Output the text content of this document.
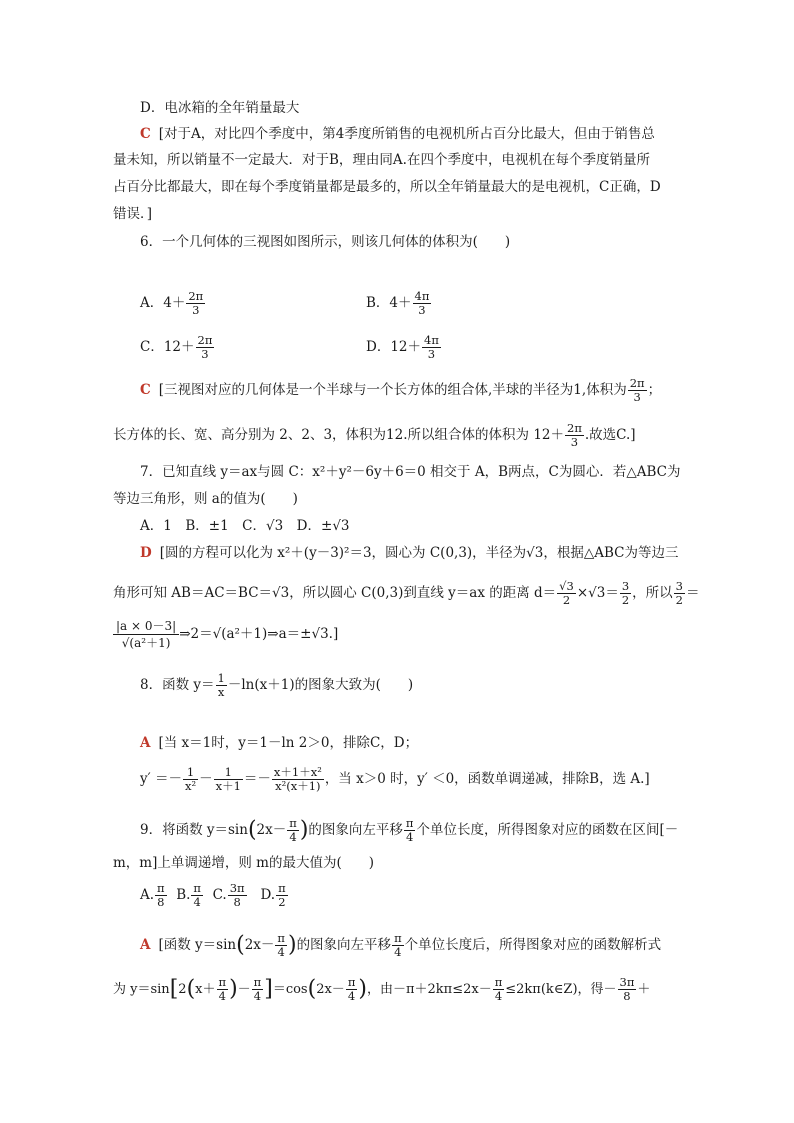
D．电冰箱的全年销量最大
C [对于A，对比四个季度中，第4季度所销售的电视机所占百分比最大，但由于销售总
量未知，所以销量不一定最大．对于B，理由同A.在四个季度中，电视机在每个季度销量所
占百分比都最大，即在每个季度销量都是最多的，所以全年销量最大的是电视机，C正确，D
错误．]
6．一个几何体的三视图如图所示，则该几何体的体积为(　　)
A．$4+ \frac{2\pi}{3}$	B．$4+ \frac{4\pi}{3}$
C．$12+ \frac{2\pi}{3}$	D．$12+ \frac{4\pi}{3}$
C [三视图对应的几何体是一个半球与一个长方体的组合体,半球的半径为1,体积为 $\frac{2\pi}{3}$ ；
长方体的长、宽、高分别为 2、2、3，体积为12.所以组合体的体积为 $12+ \frac{2\pi}{3}$ .故选C.]
7．已知直线 y＝ax与圆 C：x²＋y²－6y＋6＝0 相交于 A，B两点，C为圆心．若△ABC为
等边三角形，则 a的值为(　　)
A．1　B．±1　C．√3　D．±√3
D [圆的方程可以化为 x²＋(y－3)²＝3，圆心为 C(0,3)，半径为√3，根据△ABC为等边三
角形可知 AB＝AC＝BC＝√3，所以圆心 C(0,3)到直线 y＝ax 的距离 $d= \frac{√3}{2} \times√3= \frac{3}{2}$ ，所以 $\frac{3}{2}$ ＝
$\frac{|a \times 0-3|}{\text{√(a²＋1)}}$ ⇒2＝√(a²＋1)⇒a＝±√3.]
8．函数 $y= \frac{1}{x} -\ln(x+1)$的图象大致为(　　)
A [当 x＝1时，y＝1－ln 2＞0，排除C，D；
$y' =- \frac{1}{\text{x²}} - \frac{1}{x+1} =- \frac{\text{x＋1＋x²}}{\text{x²(x＋1)}}$ ，当 x＞0 时，y′ ＜0，函数单调递减，排除B，选 A.]
9．将函数 $y=\sin(2x- \frac{\pi}{4}$ )的图象向左平移 $\frac{\pi}{4}$ 个单位长度，所得图象对应的函数在区间[－
m，m]上单调递增，则 m的最大值为(　　)
A. $\frac{\pi}{8} B$. $\frac{\pi}{4} C$. $\frac{3\pi}{8} D$. $\frac{\pi}{2}$
A [函数 $y=\sin(2x- \frac{\pi}{4}$ )的图象向左平移 $\frac{\pi}{4}$ 个单位长度后，所得图象对应的函数解析式
为 $y=\sin[2(x+ \frac{\pi}{4}$ )－ $\frac{\pi}{4} ]=\cos(2x- \frac{\pi}{4}$ )，由$-\pi+2k\pi\le 2x- \frac{\pi}{4}$ ≤2kπ(k∈Z)，得－ $\frac{3\pi}{8}$ ＋
